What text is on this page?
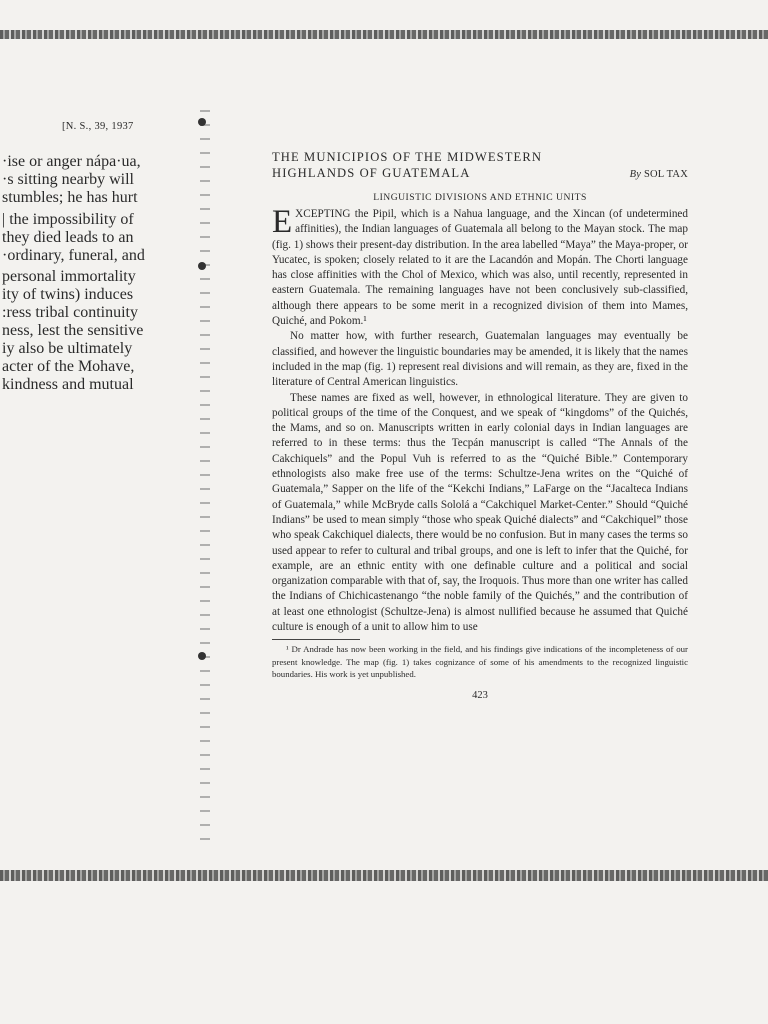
[N. S., 39, 1937
·ise or anger nápa·ua,
·s sitting nearby will
stumbles; he has hurt
| the impossibility of
they died leads to an
·ordinary, funeral, and
personal immortality
ity of twins) induces
:ress tribal continuity
ness, lest the sensitive
iy also be ultimately
acter of the Mohave,
kindness and mutual
THE MUNICIPIOS OF THE MIDWESTERN
HIGHLANDS OF GUATEMALA	By SOL TAX
LINGUISTIC DIVISIONS AND ETHNIC UNITS

EXCEPTING the Pipil, which is a Nahua language, and the Xincan (of undetermined affinities), the Indian languages of Guatemala all belong to the Mayan stock. The map (fig. 1) shows their present-day distribution. In the area labelled “Maya” the Maya-proper, or Yucatec, is spoken; closely related to it are the Lacandón and Mopán. The Chorti language has close affinities with the Chol of Mexico, which was also, until recently, represented in eastern Guatemala. The remaining languages have not been conclusively sub-classified, although there appears to be some merit in a recognized division of them into Mames, Quiché, and Pokom.¹

No matter how, with further research, Guatemalan languages may eventually be classified, and however the linguistic boundaries may be amended, it is likely that the names included in the map (fig. 1) represent real divisions and will remain, as they are, fixed in the literature of Central American linguistics.

These names are fixed as well, however, in ethnological literature. They are given to political groups of the time of the Conquest, and we speak of “kingdoms” of the Quichés, the Mams, and so on. Manuscripts written in early colonial days in Indian languages are referred to in these terms: thus the Tecpán manuscript is called “The Annals of the Cakchiquels” and the Popul Vuh is referred to as the “Quiché Bible.” Contemporary ethnologists also make free use of the terms: Schultze-Jena writes on the “Quiché of Guatemala,” Sapper on the life of the “Kekchi Indians,” LaFarge on the “Jacalteca Indians of Guatemala,” while McBryde calls Sololá a “Cakchiquel Market-Center.” Should “Quiché Indians” be used to mean simply “those who speak Quiché dialects” and “Cakchiquel” those who speak Cakchiquel dialects, there would be no confusion. But in many cases the terms so used appear to refer to cultural and tribal groups, and one is left to infer that the Quiché, for example, are an ethnic entity with one definable culture and a political and social organization comparable with that of, say, the Iroquois. Thus more than one writer has called the Indians of Chichicastenango “the noble family of the Quichés,” and the contribution of at least one ethnologist (Schultze-Jena) is almost nullified because he assumed that Quiché culture is enough of a unit to allow him to use

¹ Dr Andrade has now been working in the field, and his findings give indications of the incompleteness of our present knowledge. The map (fig. 1) takes cognizance of some of his amendments to the recognized linguistic boundaries. His work is yet unpublished.
423
